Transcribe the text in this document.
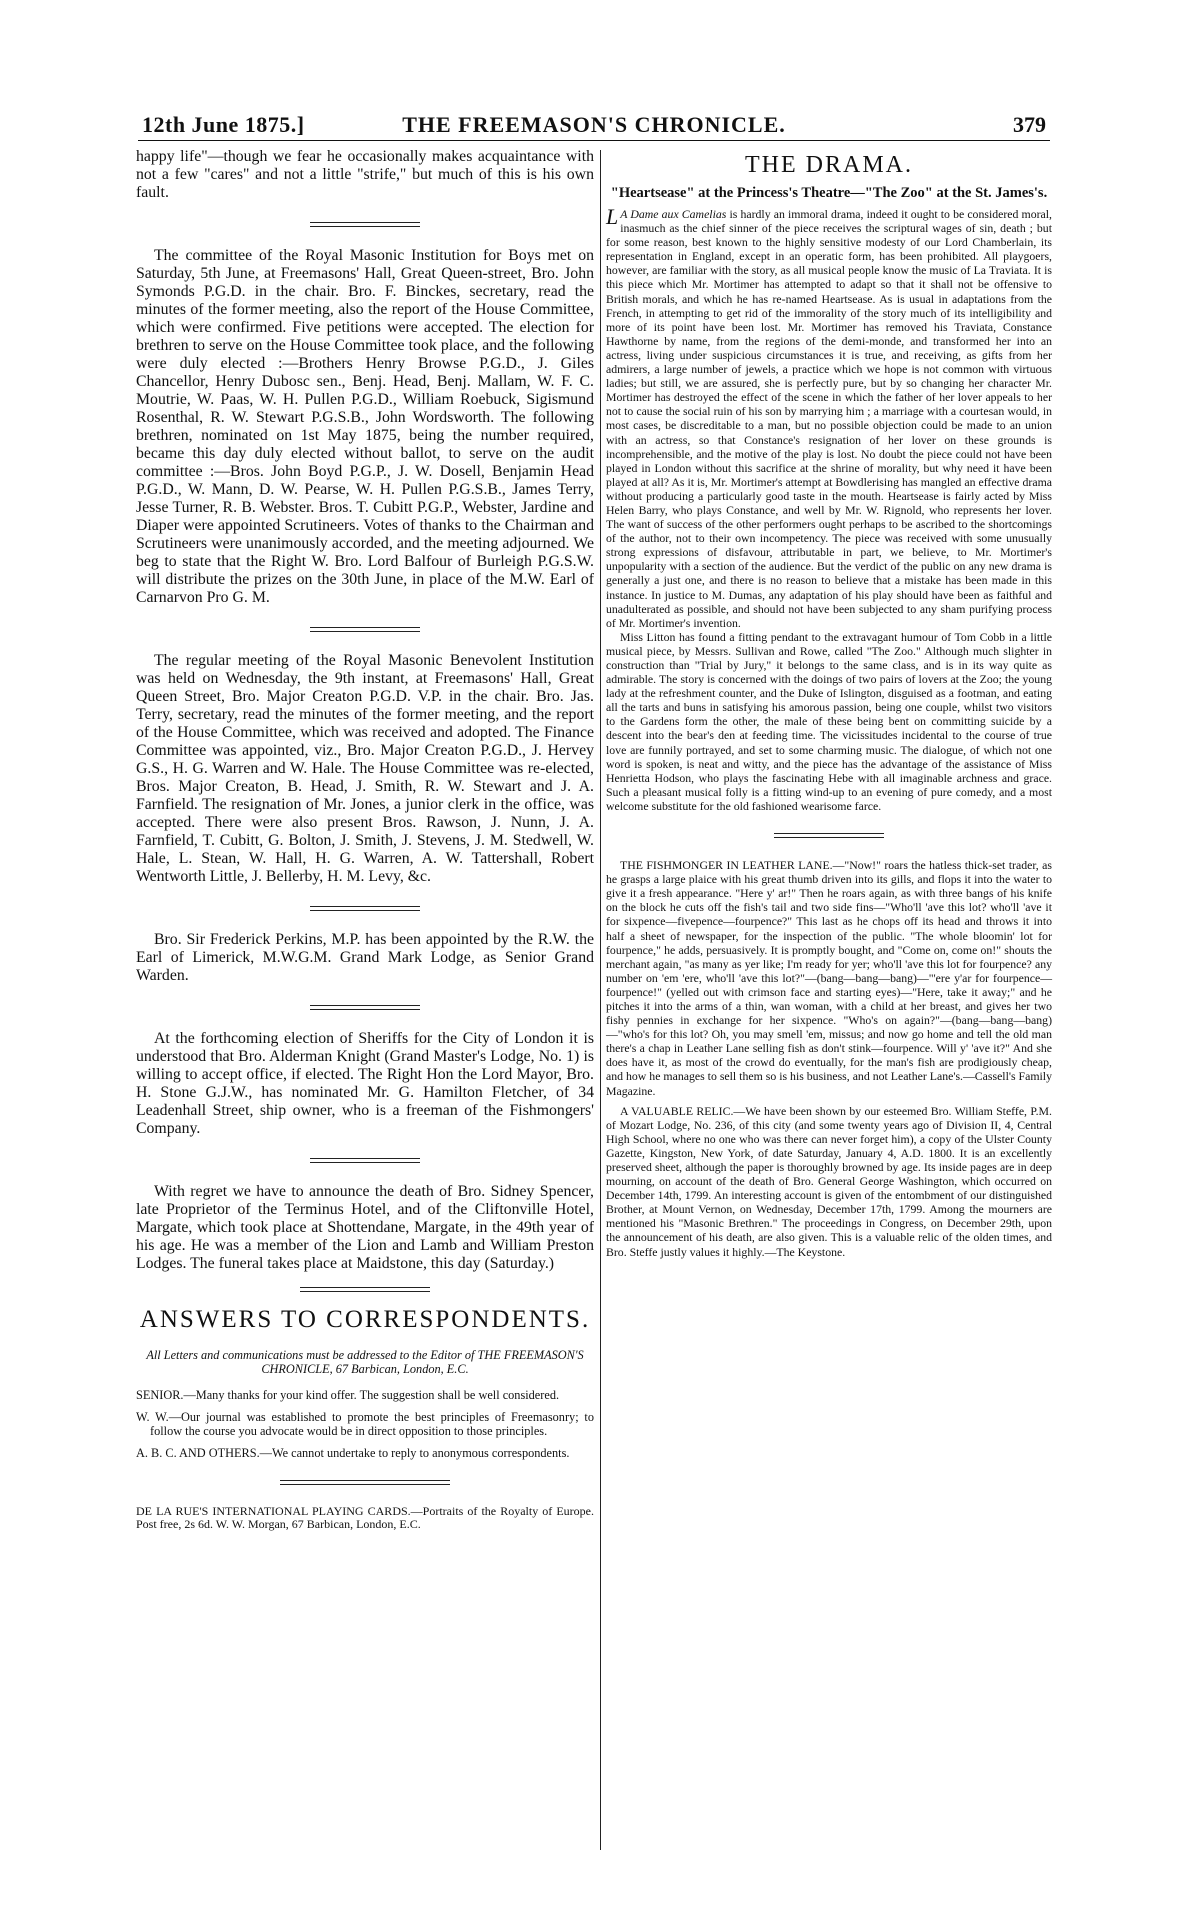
12th June 1875.]	THE FREEMASON'S CHRONICLE.	379

happy life"—though we fear he occasionally makes acquaintance with not a few "cares" and not a little "strife," but much of this is his own fault.

The committee of the Royal Masonic Institution for Boys met on Saturday, 5th June, at Freemasons' Hall, Great Queen-street, Bro. John Symonds P.G.D. in the chair. Bro. F. Binckes, secretary, read the minutes of the former meeting, also the report of the House Committee, which were confirmed. Five petitions were accepted. The election for brethren to serve on the House Committee took place, and the following were duly elected :—Brothers Henry Browse P.G.D., J. Giles Chancellor, Henry Dubosc sen., Benj. Head, Benj. Mallam, W. F. C. Moutrie, W. Paas, W. H. Pullen P.G.D., William Roebuck, Sigismund Rosenthal, R. W. Stewart P.G.S.B., John Wordsworth. The following brethren, nominated on 1st May 1875, being the number required, became this day duly elected without ballot, to serve on the audit committee :—Bros. John Boyd P.G.P., J. W. Dosell, Benjamin Head P.G.D., W. Mann, D. W. Pearse, W. H. Pullen P.G.S.B., James Terry, Jesse Turner, R. B. Webster. Bros. T. Cubitt P.G.P., Webster, Jardine and Diaper were appointed Scrutineers. Votes of thanks to the Chairman and Scrutineers were unanimously accorded, and the meeting adjourned. We beg to state that the Right W. Bro. Lord Balfour of Burleigh P.G.S.W. will distribute the prizes on the 30th June, in place of the M.W. Earl of Carnarvon Pro G. M.

The regular meeting of the Royal Masonic Benevolent Institution was held on Wednesday, the 9th instant, at Freemasons' Hall, Great Queen Street, Bro. Major Creaton P.G.D. V.P. in the chair. Bro. Jas. Terry, secretary, read the minutes of the former meeting, and the report of the House Committee, which was received and adopted. The Finance Committee was appointed, viz., Bro. Major Creaton P.G.D., J. Hervey G.S., H. G. Warren and W. Hale. The House Committee was re-elected, Bros. Major Creaton, B. Head, J. Smith, R. W. Stewart and J. A. Farnfield. The resignation of Mr. Jones, a junior clerk in the office, was accepted. There were also present Bros. Rawson, J. Nunn, J. A. Farnfield, T. Cubitt, G. Bolton, J. Smith, J. Stevens, J. M. Stedwell, W. Hale, L. Stean, W. Hall, H. G. Warren, A. W. Tattershall, Robert Wentworth Little, J. Bellerby, H. M. Levy, &c.

Bro. Sir Frederick Perkins, M.P. has been appointed by the R.W. the Earl of Limerick, M.W.G.M. Grand Mark Lodge, as Senior Grand Warden.

At the forthcoming election of Sheriffs for the City of London it is understood that Bro. Alderman Knight (Grand Master's Lodge, No. 1) is willing to accept office, if elected. The Right Hon the Lord Mayor, Bro. H. Stone G.J.W., has nominated Mr. G. Hamilton Fletcher, of 34 Leadenhall Street, ship owner, who is a freeman of the Fishmongers' Company.

With regret we have to announce the death of Bro. Sidney Spencer, late Proprietor of the Terminus Hotel, and of the Cliftonville Hotel, Margate, which took place at Shottendane, Margate, in the 49th year of his age. He was a member of the Lion and Lamb and William Preston Lodges. The funeral takes place at Maidstone, this day (Saturday.)

ANSWERS TO CORRESPONDENTS.

All Letters and communications must be addressed to the Editor of THE FREEMASON'S CHRONICLE, 67 Barbican, London, E.C.

SENIOR.—Many thanks for your kind offer. The suggestion shall be well considered.

W. W.—Our journal was established to promote the best principles of Freemasonry; to follow the course you advocate would be in direct opposition to those principles.

A. B. C. AND OTHERS.—We cannot undertake to reply to anonymous correspondents.

DE LA RUE'S INTERNATIONAL PLAYING CARDS.—Portraits of the Royalty of Europe. Post free, 2s 6d. W. W. Morgan, 67 Barbican, London, E.C.

THE DRAMA.
"Heartsease" at the Princess's Theatre—"The Zoo" at the St. James's.

L A Dame aux Camelias is hardly an immoral drama, indeed it ought to be considered moral, inasmuch as the chief sinner of the piece receives the scriptural wages of sin, death ; but for some reason, best known to the highly sensitive modesty of our Lord Chamberlain, its representation in England, except in an operatic form, has been prohibited. All playgoers, however, are familiar with the story, as all musical people know the music of La Traviata. It is this piece which Mr. Mortimer has attempted to adapt so that it shall not be offensive to British morals, and which he has re-named Heartsease. As is usual in adaptations from the French, in attempting to get rid of the immorality of the story much of its intelligibility and more of its point have been lost. Mr. Mortimer has removed his Traviata, Constance Hawthorne by name, from the regions of the demi-monde, and transformed her into an actress, living under suspicious circumstances it is true, and receiving, as gifts from her admirers, a large number of jewels, a practice which we hope is not common with virtuous ladies; but still, we are assured, she is perfectly pure, but by so changing her character Mr. Mortimer has destroyed the effect of the scene in which the father of her lover appeals to her not to cause the social ruin of his son by marrying him ; a marriage with a courtesan would, in most cases, be discreditable to a man, but no possible objection could be made to an union with an actress, so that Constance's resignation of her lover on these grounds is incomprehensible, and the motive of the play is lost. No doubt the piece could not have been played in London without this sacrifice at the shrine of morality, but why need it have been played at all? As it is, Mr. Mortimer's attempt at Bowdlerising has mangled an effective drama without producing a particularly good taste in the mouth. Heartsease is fairly acted by Miss Helen Barry, who plays Constance, and well by Mr. W. Rignold, who represents her lover. The want of success of the other performers ought perhaps to be ascribed to the shortcomings of the author, not to their own incompetency. The piece was received with some unusually strong expressions of disfavour, attributable in part, we believe, to Mr. Mortimer's unpopularity with a section of the audience. But the verdict of the public on any new drama is generally a just one, and there is no reason to believe that a mistake has been made in this instance. In justice to M. Dumas, any adaptation of his play should have been as faithful and unadulterated as possible, and should not have been subjected to any sham purifying process of Mr. Mortimer's invention.

Miss Litton has found a fitting pendant to the extravagant humour of Tom Cobb in a little musical piece, by Messrs. Sullivan and Rowe, called "The Zoo." Although much slighter in construction than "Trial by Jury," it belongs to the same class, and is in its way quite as admirable. The story is concerned with the doings of two pairs of lovers at the Zoo; the young lady at the refreshment counter, and the Duke of Islington, disguised as a footman, and eating all the tarts and buns in satisfying his amorous passion, being one couple, whilst two visitors to the Gardens form the other, the male of these being bent on committing suicide by a descent into the bear's den at feeding time. The vicissitudes incidental to the course of true love are funnily portrayed, and set to some charming music. The dialogue, of which not one word is spoken, is neat and witty, and the piece has the advantage of the assistance of Miss Henrietta Hodson, who plays the fascinating Hebe with all imaginable archness and grace. Such a pleasant musical folly is a fitting wind-up to an evening of pure comedy, and a most welcome substitute for the old fashioned wearisome farce.

THE FISHMONGER IN LEATHER LANE.—"Now!" roars the hatless thick-set trader, as he grasps a large plaice with his great thumb driven into its gills, and flops it into the water to give it a fresh appearance. "Here y' ar!" Then he roars again, as with three bangs of his knife on the block he cuts off the fish's tail and two side fins—"Who'll 'ave this lot? who'll 'ave it for sixpence—fivepence—fourpence?" This last as he chops off its head and throws it into half a sheet of newspaper, for the inspection of the public. "The whole bloomin' lot for fourpence," he adds, persuasively. It is promptly bought, and "Come on, come on!" shouts the merchant again, "as many as yer like; I'm ready for yer; who'll 'ave this lot for fourpence? any number on 'em 'ere, who'll 'ave this lot?"—(bang—bang—bang)—"'ere y'ar for fourpence—fourpence!" (yelled out with crimson face and starting eyes)—"Here, take it away;" and he pitches it into the arms of a thin, wan woman, with a child at her breast, and gives her two fishy pennies in exchange for her sixpence. "Who's on again?"—(bang—bang—bang)—"who's for this lot? Oh, you may smell 'em, missus; and now go home and tell the old man there's a chap in Leather Lane selling fish as don't stink—fourpence. Will y' 'ave it?" And she does have it, as most of the crowd do eventually, for the man's fish are prodigiously cheap, and how he manages to sell them so is his business, and not Leather Lane's.—Cassell's Family Magazine.

A VALUABLE RELIC.—We have been shown by our esteemed Bro. William Steffe, P.M. of Mozart Lodge, No. 236, of this city (and some twenty years ago of Division II, 4, Central High School, where no one who was there can never forget him), a copy of the Ulster County Gazette, Kingston, New York, of date Saturday, January 4, A.D. 1800. It is an excellently preserved sheet, although the paper is thoroughly browned by age. Its inside pages are in deep mourning, on account of the death of Bro. General George Washington, which occurred on December 14th, 1799. An interesting account is given of the entombment of our distinguished Brother, at Mount Vernon, on Wednesday, December 17th, 1799. Among the mourners are mentioned his "Masonic Brethren." The proceedings in Congress, on December 29th, upon the announcement of his death, are also given. This is a valuable relic of the olden times, and Bro. Steffe justly values it highly.—The Keystone.
